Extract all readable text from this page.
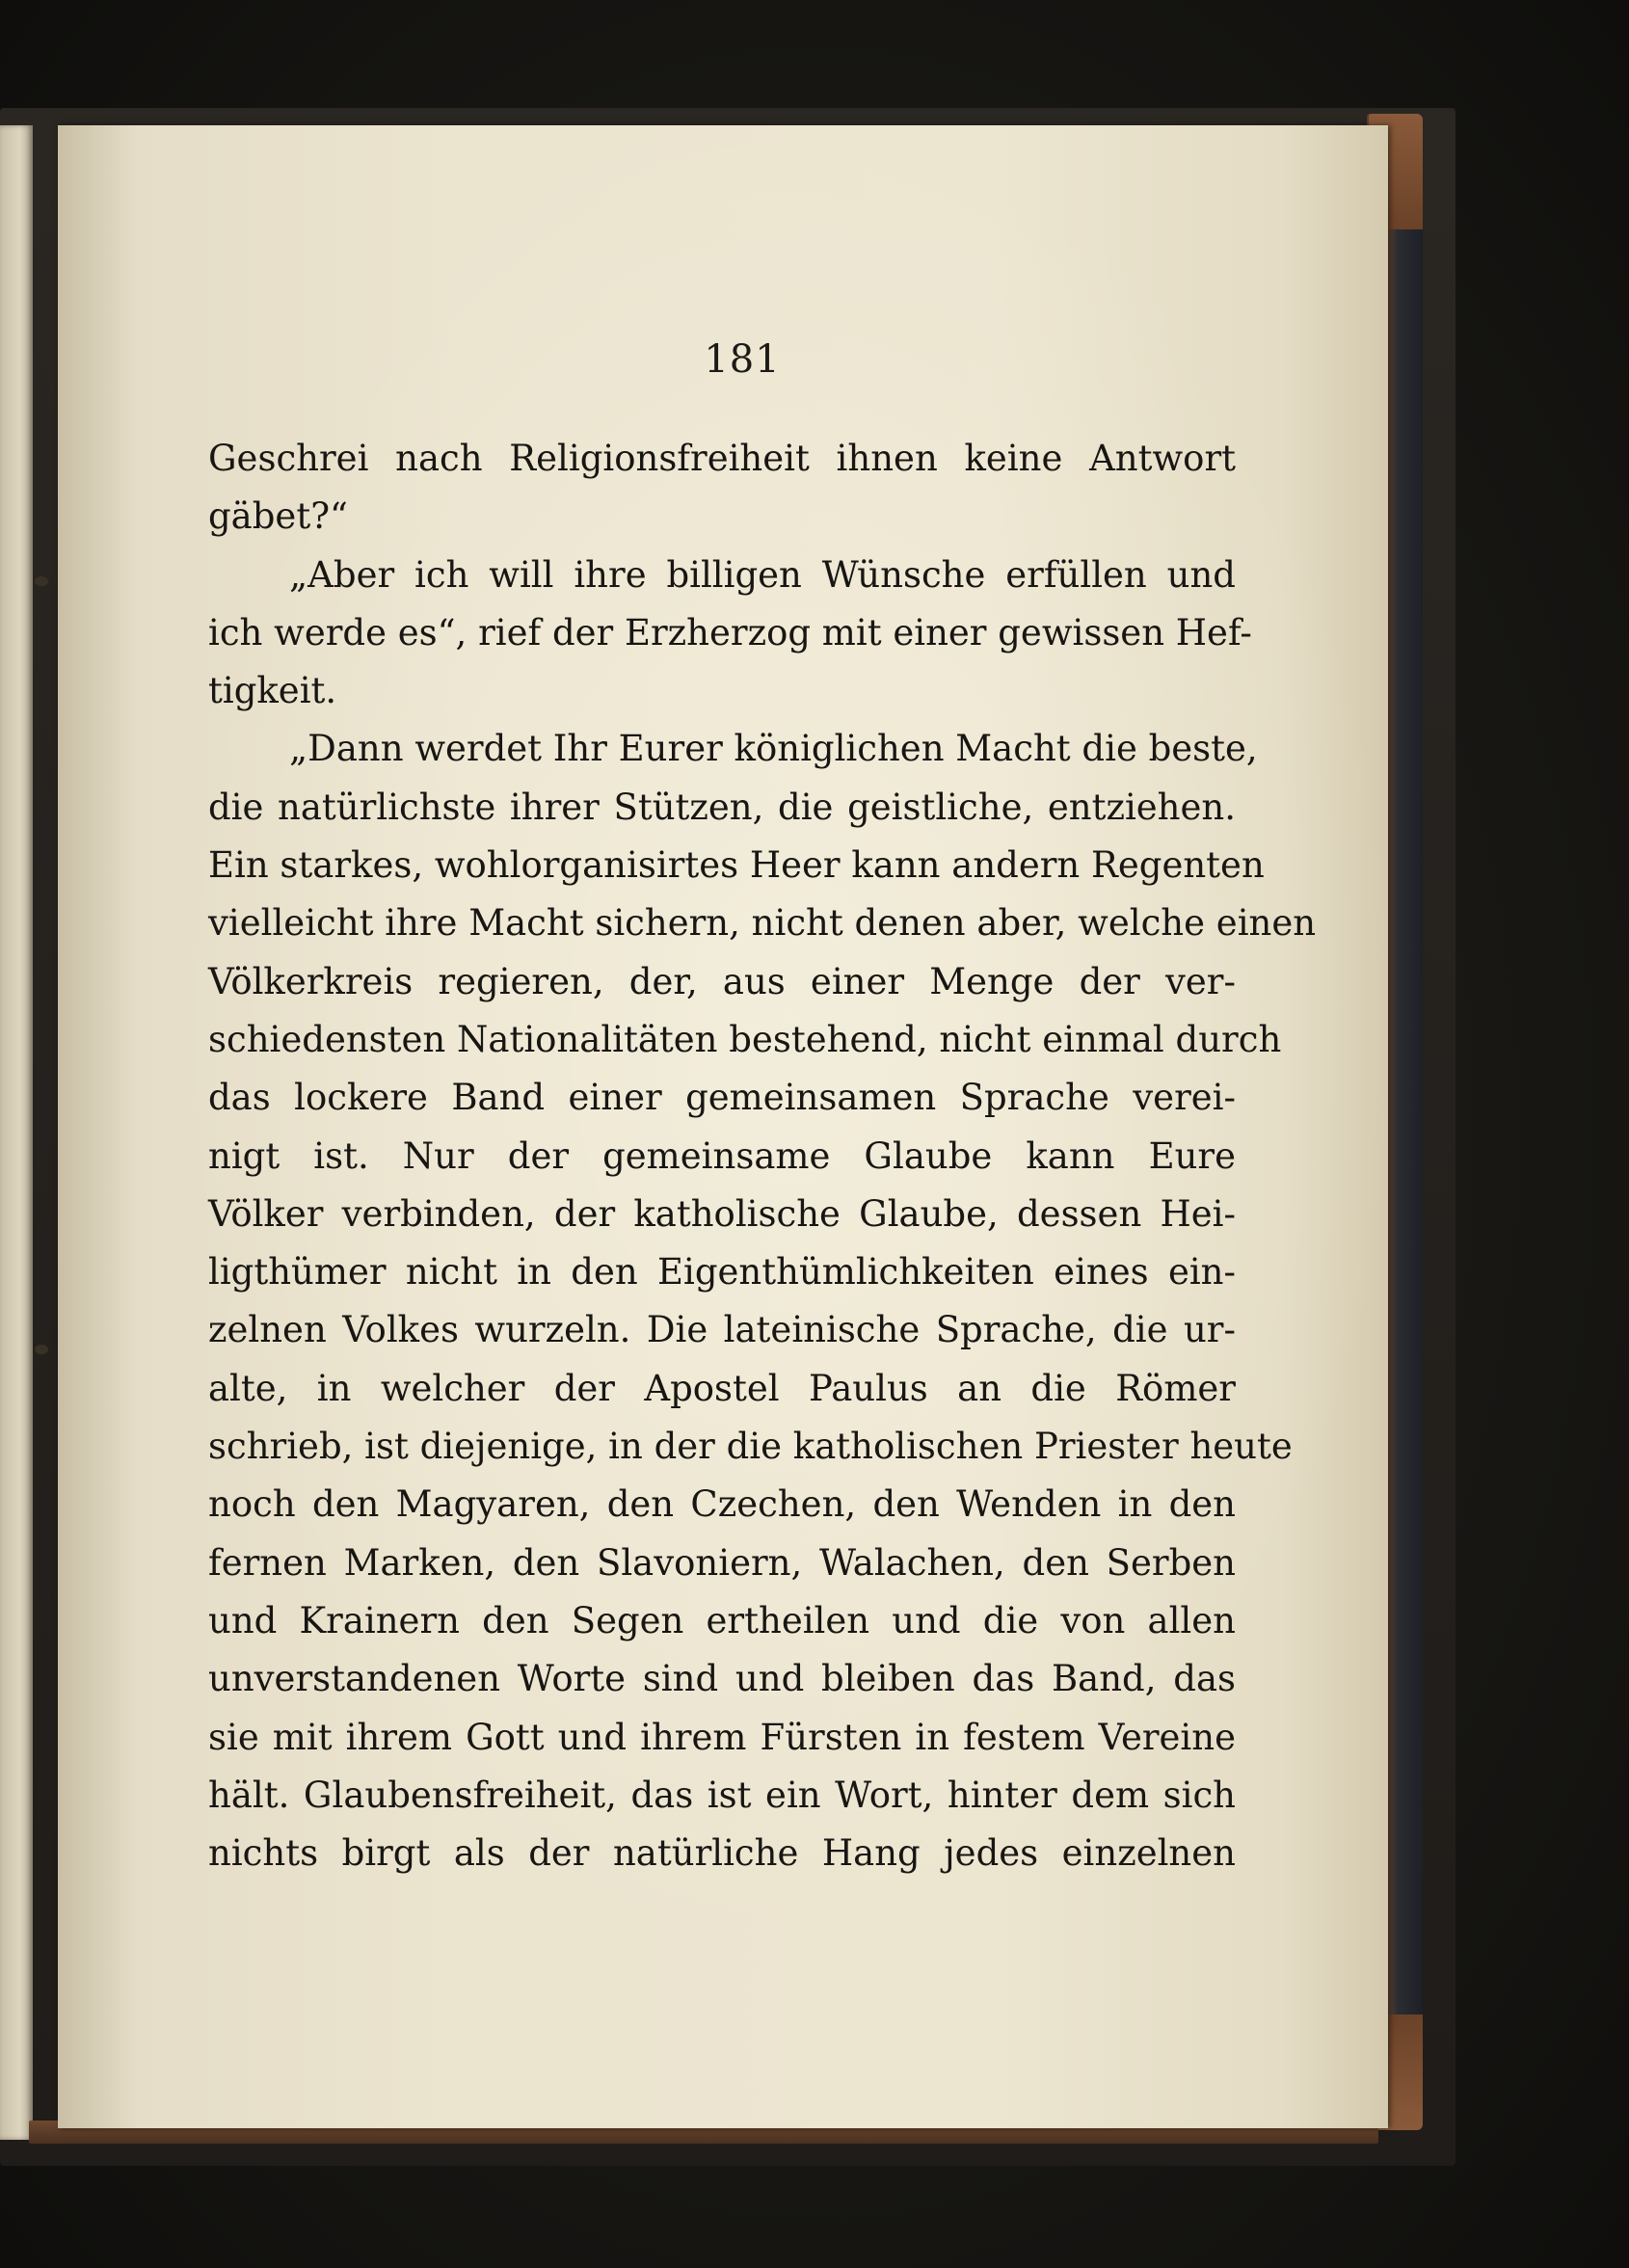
181
Geschrei nach Religionsfreiheit ihnen keine Antwort
gäbet?“
„Aber ich will ihre billigen Wünsche erfüllen und
ich werde es“, rief der Erzherzog mit einer gewissen Hef-
tigkeit.
„Dann werdet Ihr Eurer königlichen Macht die beste,
die natürlichste ihrer Stützen, die geistliche, entziehen.
Ein starkes, wohlorganisirtes Heer kann andern Regenten
vielleicht ihre Macht sichern, nicht denen aber, welche einen
Völkerkreis regieren, der, aus einer Menge der ver-
schiedensten Nationalitäten bestehend, nicht einmal durch
das lockere Band einer gemeinsamen Sprache verei-
nigt ist. Nur der gemeinsame Glaube kann Eure
Völker verbinden, der katholische Glaube, dessen Hei-
ligthümer nicht in den Eigenthümlichkeiten eines ein-
zelnen Volkes wurzeln. Die lateinische Sprache, die ur-
alte, in welcher der Apostel Paulus an die Römer
schrieb, ist diejenige, in der die katholischen Priester heute
noch den Magyaren, den Czechen, den Wenden in den
fernen Marken, den Slavoniern, Walachen, den Serben
und Krainern den Segen ertheilen und die von allen
unverstandenen Worte sind und bleiben das Band, das
sie mit ihrem Gott und ihrem Fürsten in festem Vereine
hält. Glaubensfreiheit, das ist ein Wort, hinter dem sich
nichts birgt als der natürliche Hang jedes einzelnen
